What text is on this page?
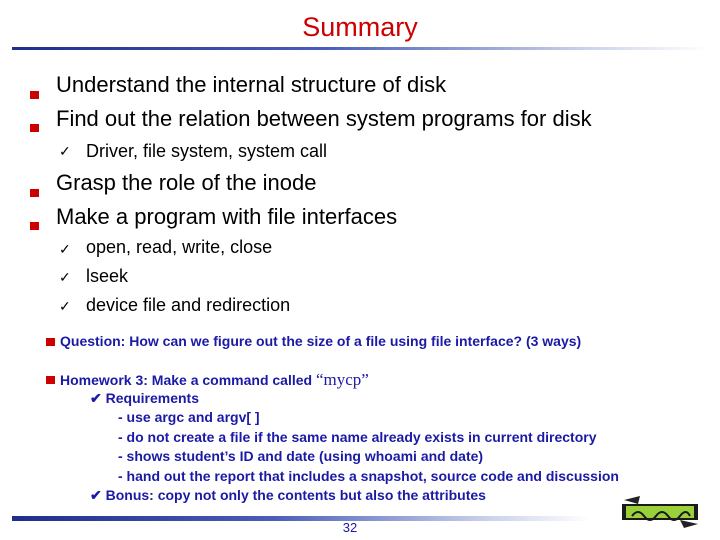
Summary
Understand the internal structure of disk
Find out the relation between system programs for disk
✓ Driver, file system, system call
Grasp the role of the inode
Make a program with file interfaces
✓ open, read, write, close
✓ lseek
✓ device file and redirection
Question: How can we figure out the size of a file using file interface? (3 ways)
Homework 3: Make a command called “mycp”
✔ Requirements
- use argc and argv[ ]
- do not create a file if the same name already exists in current directory
- shows student’s ID and date (using whoami and date)
- hand out the report that includes a snapshot, source code and discussion
✔ Bonus: copy not only the contents but also the attributes
32
